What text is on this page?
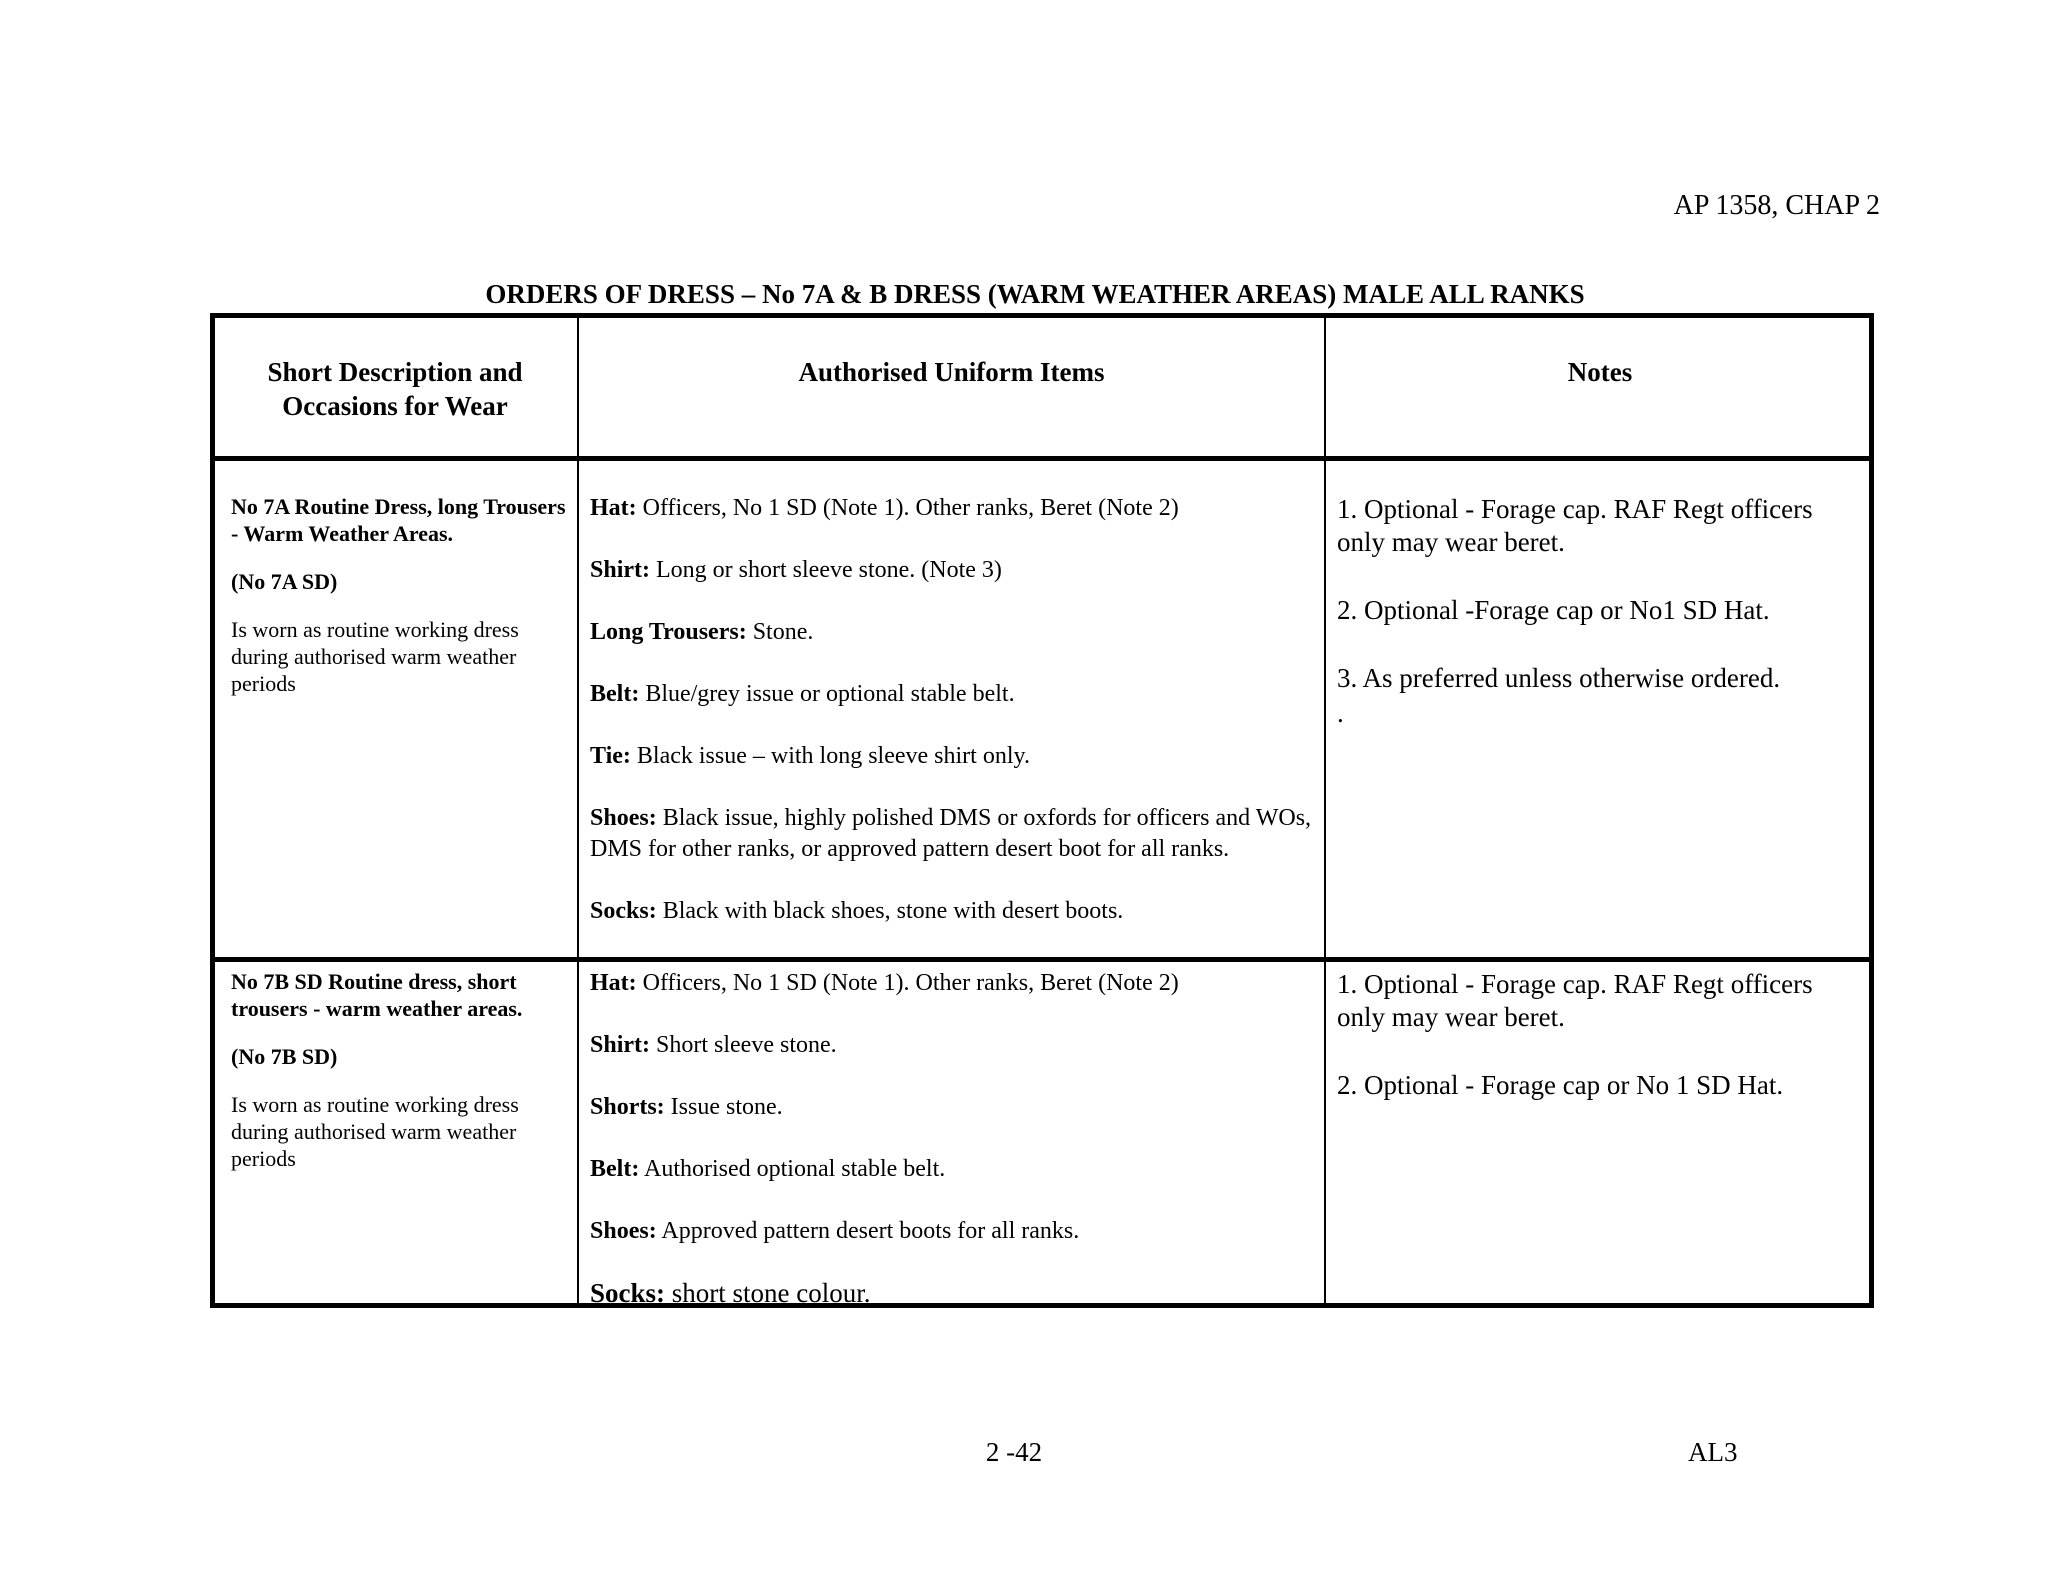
AP 1358, CHAP 2
ORDERS OF DRESS – No 7A & B DRESS (WARM WEATHER AREAS) MALE ALL RANKS
Short Description and Occasions for Wear
Authorised Uniform Items	Notes
No 7A Routine Dress, long Trousers - Warm Weather Areas.
(No 7A SD)
Is worn as routine working dress during authorised warm weather periods
Hat: Officers, No 1 SD (Note 1). Other ranks, Beret (Note 2)
Shirt: Long or short sleeve stone. (Note 3)
Long Trousers: Stone.
Belt: Blue/grey issue or optional stable belt.
Tie: Black issue – with long sleeve shirt only.
Shoes: Black issue, highly polished DMS or oxfords for officers and WOs, DMS for other ranks, or approved pattern desert boot for all ranks.
Socks: Black with black shoes, stone with desert boots.
1. Optional - Forage cap. RAF Regt officers only may wear beret.
2. Optional -Forage cap or No1 SD Hat.
3. As preferred unless otherwise ordered.
.
No 7B SD Routine dress, short trousers - warm weather areas.
(No 7B SD)
Is worn as routine working dress during authorised warm weather periods
Hat: Officers, No 1 SD (Note 1). Other ranks, Beret (Note 2)
Shirt: Short sleeve stone.
Shorts: Issue stone.
Belt: Authorised optional stable belt.
Shoes: Approved pattern desert boots for all ranks.
Socks: short stone colour.
1. Optional - Forage cap. RAF Regt officers only may wear beret.
2. Optional - Forage cap or No 1 SD Hat.
2 -42	AL3
